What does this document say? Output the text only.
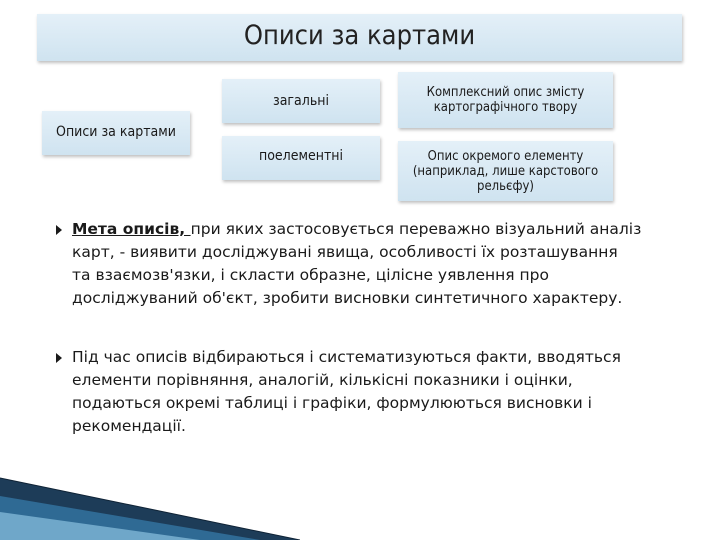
Описи за картами
Описи за картами
загальні
поелементні
Комплексний опис змісту
картографічного твору
Опис окремого елементу
(наприклад, лише карстового
рельєфу)
Мета описів, при яких застосовується переважно візуальний аналіз
карт, - виявити досліджувані явища, особливості їх розташування
та взаємозв'язки, і скласти образне, цілісне уявлення про
досліджуваний об'єкт, зробити висновки синтетичного характеру.
Під час описів відбираються і систематизуються факти, вводяться
елементи порівняння, аналогій, кількісні показники і оцінки,
подаються окремі таблиці і графіки, формулюються висновки і
рекомендації.
